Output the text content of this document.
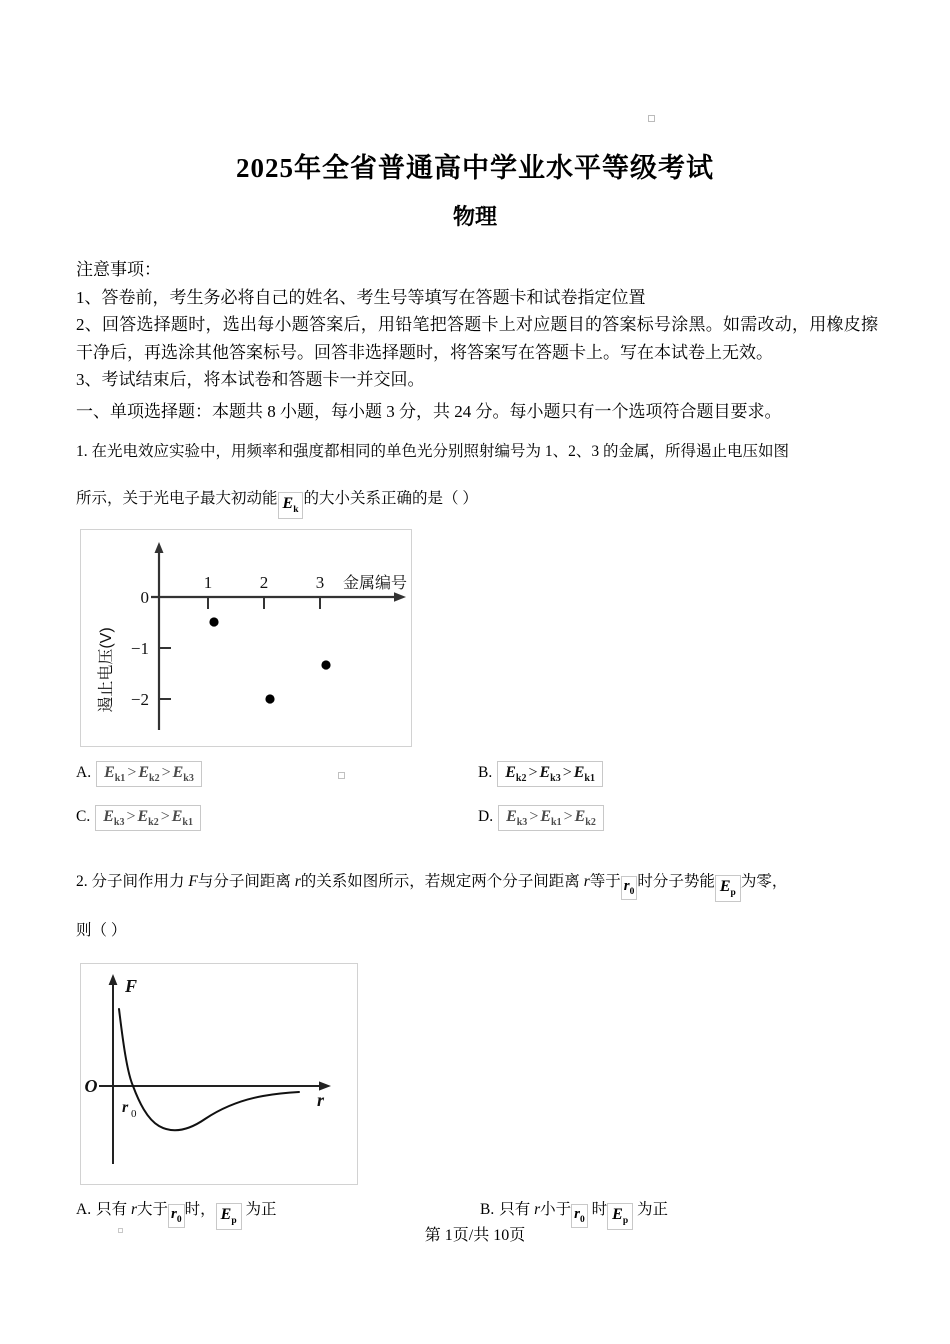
2025年全省普通高中学业水平等级考试
物理
注意事项：
1、答卷前，考生务必将自己的姓名、考生号等填写在答题卡和试卷指定位置
2、回答选择题时，选出每小题答案后，用铅笔把答题卡上对应题目的答案标号涂黑。如需改动，用橡皮擦干净后，再选涂其他答案标号。回答非选择题时，将答案写在答题卡上。写在本试卷上无效。
3、考试结束后，将本试卷和答题卡一并交回。
一、单项选择题：本题共 8 小题，每小题 3 分，共 24 分。每小题只有一个选项符合题目要求。
1. 在光电效应实验中，用频率和强度都相同的单色光分别照射编号为 1、2、3 的金属，所得遏止电压如图
所示，关于光电子最大初动能 $E_k$的大小关系正确的是（ ）
0
−1
−2
1	2	3 金属编号
遏止电压(V)
A. $E_{k1} > E_{k2} > E_{k3}$	B. $E_{k2} > E_{k3} > E_{k1}$
C. $E_{k3} > E_{k2} > E_{k1}$	D. $E_{k3} > E_{k1} > E_{k2}$
2. 分子间作用力 F与分子间距离 r的关系如图所示，若规定两个分子间距离 r等于 $r_0$时分子势能 $E_p$为零，
则（ ）
F
r
O
r 0
A. 只有 r大于 $r_0$时， $E_p$ 为正	B. 只有 r小于 $r_0$ 时 $E_p$ 为正
第 1页/共 10页
